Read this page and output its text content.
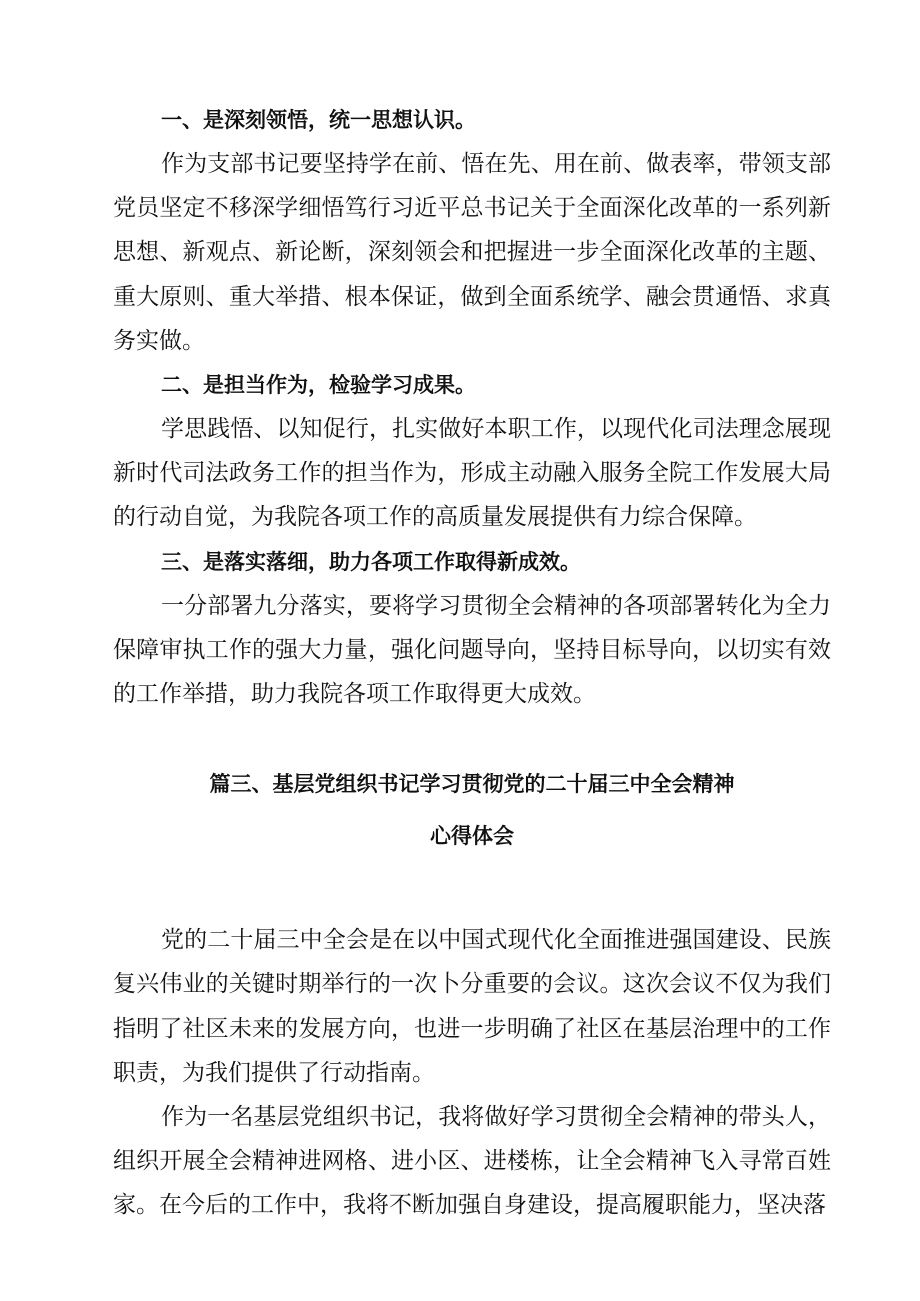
一、是深刻领悟，统一思想认识。

作为支部书记要坚持学在前、悟在先、用在前、做表率，带领支部党员坚定不移深学细悟笃行习近平总书记关于全面深化改革的一系列新思想、新观点、新论断，深刻领会和把握进一步全面深化改革的主题、重大原则、重大举措、根本保证，做到全面系统学、融会贯通悟、求真务实做。

二、是担当作为，检验学习成果。

学思践悟、以知促行，扎实做好本职工作，以现代化司法理念展现新时代司法政务工作的担当作为，形成主动融入服务全院工作发展大局的行动自觉，为我院各项工作的高质量发展提供有力综合保障。

三、是落实落细，助力各项工作取得新成效。

一分部署九分落实，要将学习贯彻全会精神的各项部署转化为全力保障审执工作的强大力量，强化问题导向，坚持目标导向，以切实有效的工作举措，助力我院各项工作取得更大成效。

篇三、基层党组织书记学习贯彻党的二十届三中全会精神
心得体会

党的二十届三中全会是在以中国式现代化全面推进强国建设、民族复兴伟业的关键时期举行的一次卜分重要的会议。这次会议不仅为我们指明了社区未来的发展方向，也进一步明确了社区在基层治理中的工作职责，为我们提供了行动指南。

作为一名基层党组织书记，我将做好学习贯彻全会精神的带头人，组织开展全会精神进网格、进小区、进楼栋，让全会精神飞入寻常百姓家。在今后的工作中，我将不断加强自身建设，提高履职能力，坚决落
